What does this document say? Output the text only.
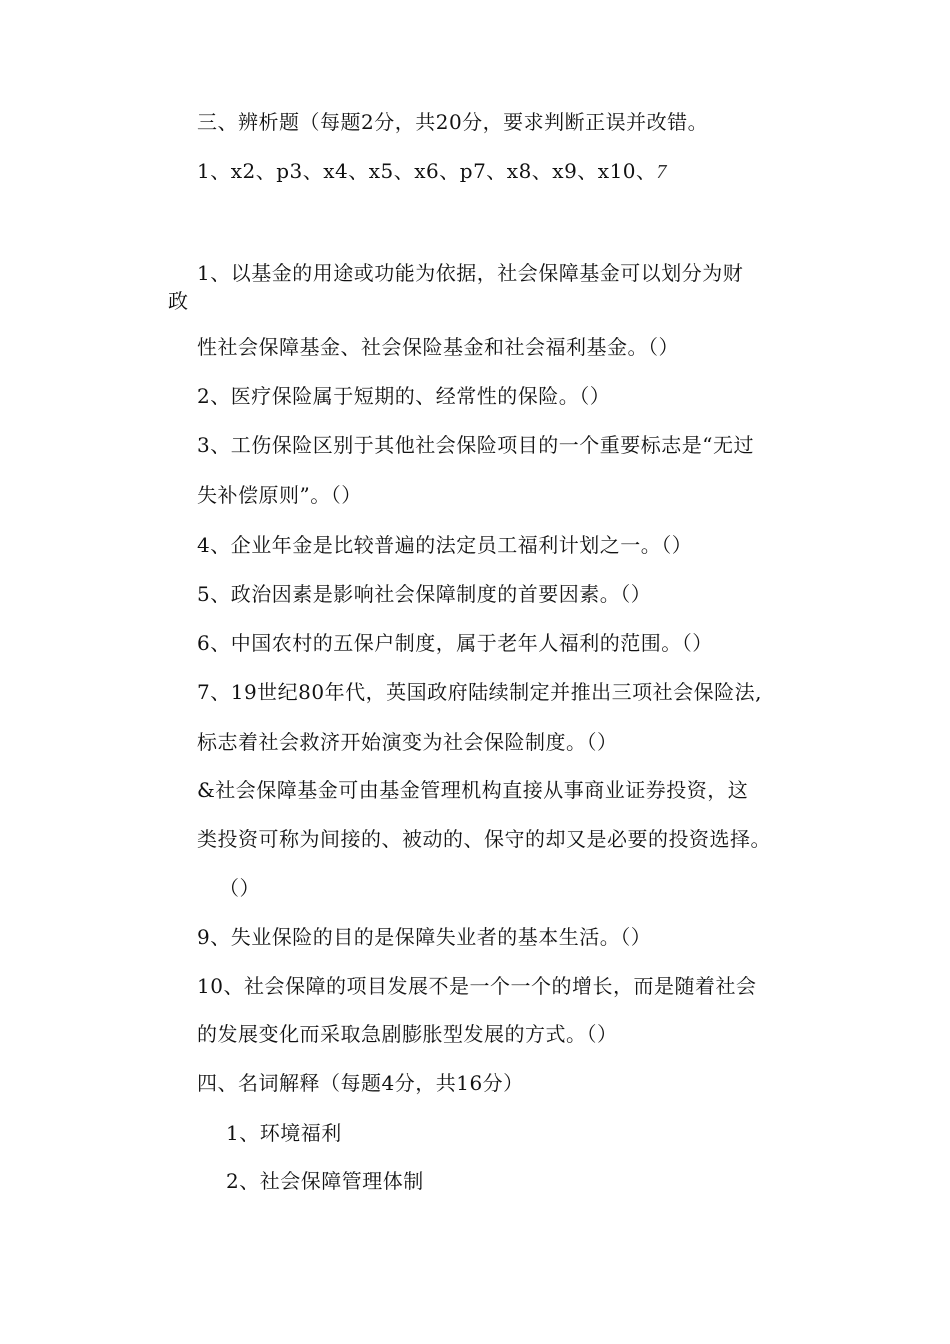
三、辨析题（每题2分，共20分，要求判断正误并改错。
1、x2、p3、x4、x5、x6、p7、x8、x9、x10、7
1、以基金的用途或功能为依据，社会保障基金可以划分为财
政
性社会保障基金、社会保险基金和社会福利基金。（）
2、医疗保险属于短期的、经常性的保险。（）
3、工伤保险区别于其他社会保险项目的一个重要标志是“无过
失补偿原则”。（）
4、企业年金是比较普遍的法定员工福利计划之一。（）
5、政治因素是影响社会保障制度的首要因素。（）
6、中国农村的五保户制度，属于老年人福利的范围。（）
7、19世纪80年代，英国政府陆续制定并推出三项社会保险法,
标志着社会救济开始演变为社会保险制度。（）
&社会保障基金可由基金管理机构直接从事商业证券投资，这
类投资可称为间接的、被动的、保守的却又是必要的投资选择。
（）
9、失业保险的目的是保障失业者的基本生活。（）
10、社会保障的项目发展不是一个一个的增长，而是随着社会
的发展变化而采取急剧膨胀型发展的方式。（）
四、名词解释（每题4分，共16分）
1、环境福利
2、社会保障管理体制
